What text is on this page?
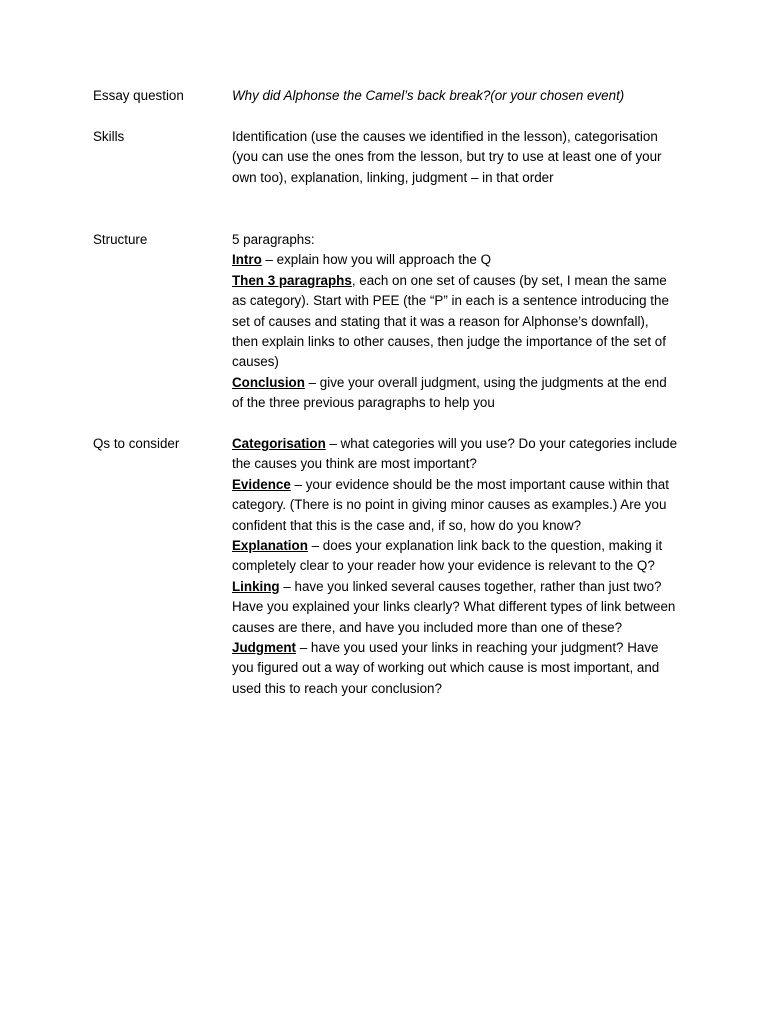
Essay question	Why did Alphonse the Camel’s back break?(or your chosen event)
Skills	Identification (use the causes we identified in the lesson), categorisation (you can use the ones from the lesson, but try to use at least one of your own too), explanation, linking, judgment – in that order
Structure	5 paragraphs:

Intro – explain how you will approach the Q

Then 3 paragraphs, each on one set of causes (by set, I mean the same as category). Start with PEE (the “P” in each is a sentence introducing the set of causes and stating that it was a reason for Alphonse’s downfall), then explain links to other causes, then judge the importance of the set of causes)

Conclusion – give your overall judgment, using the judgments at the end of the three previous paragraphs to help you

Qs to consider	Categorisation – what categories will you use? Do your categories include the causes you think are most important?

Evidence – your evidence should be the most important cause within that category. (There is no point in giving minor causes as examples.) Are you confident that this is the case and, if so, how do you know?

Explanation – does your explanation link back to the question, making it completely clear to your reader how your evidence is relevant to the Q?

Linking – have you linked several causes together, rather than just two? Have you explained your links clearly? What different types of link between causes are there, and have you included more than one of these?

Judgment – have you used your links in reaching your judgment? Have you figured out a way of working out which cause is most important, and used this to reach your conclusion?
